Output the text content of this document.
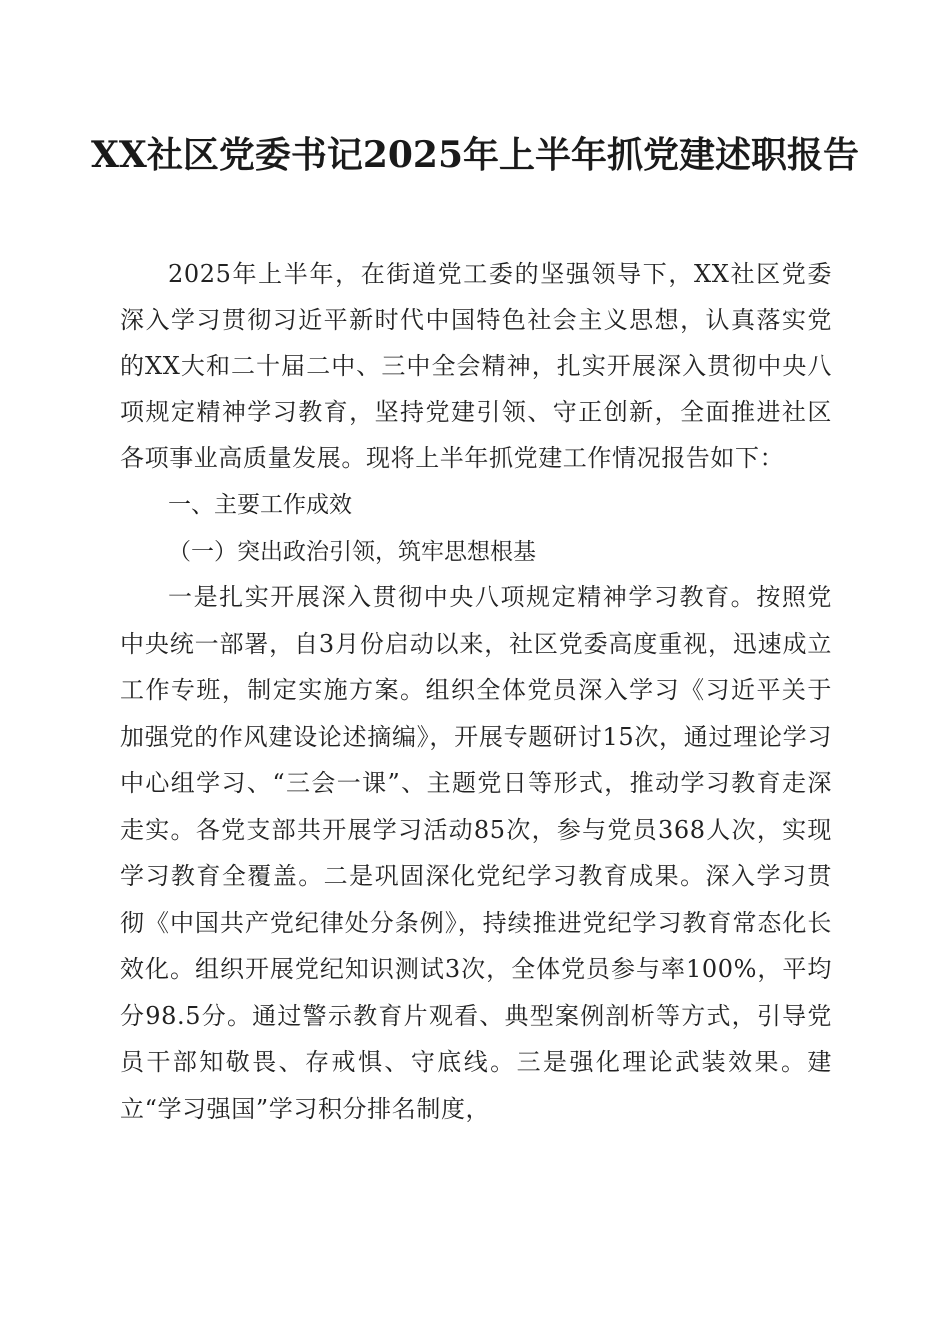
XX社区党委书记2025年上半年抓党建述职报告

2025年上半年，在街道党工委的坚强领导下，XX社区党委深入学习贯彻习近平新时代中国特色社会主义思想，认真落实党的XX大和二十届二中、三中全会精神，扎实开展深入贯彻中央八项规定精神学习教育，坚持党建引领、守正创新，全面推进社区各项事业高质量发展。现将上半年抓党建工作情况报告如下：

一、主要工作成效

（一）突出政治引领，筑牢思想根基

一是扎实开展深入贯彻中央八项规定精神学习教育。按照党中央统一部署，自3月份启动以来，社区党委高度重视，迅速成立工作专班，制定实施方案。组织全体党员深入学习《习近平关于加强党的作风建设论述摘编》，开展专题研讨15次，通过理论学习中心组学习、“三会一课”、主题党日等形式，推动学习教育走深走实。各党支部共开展学习活动85次，参与党员368人次，实现学习教育全覆盖。二是巩固深化党纪学习教育成果。深入学习贯彻《中国共产党纪律处分条例》，持续推进党纪学习教育常态化长效化。组织开展党纪知识测试3次，全体党员参与率100%，平均分98.5分。通过警示教育片观看、典型案例剖析等方式，引导党员干部知敬畏、存戒惧、守底线。三是强化理论武装效果。建立“学习强国”学习积分排名制度，
